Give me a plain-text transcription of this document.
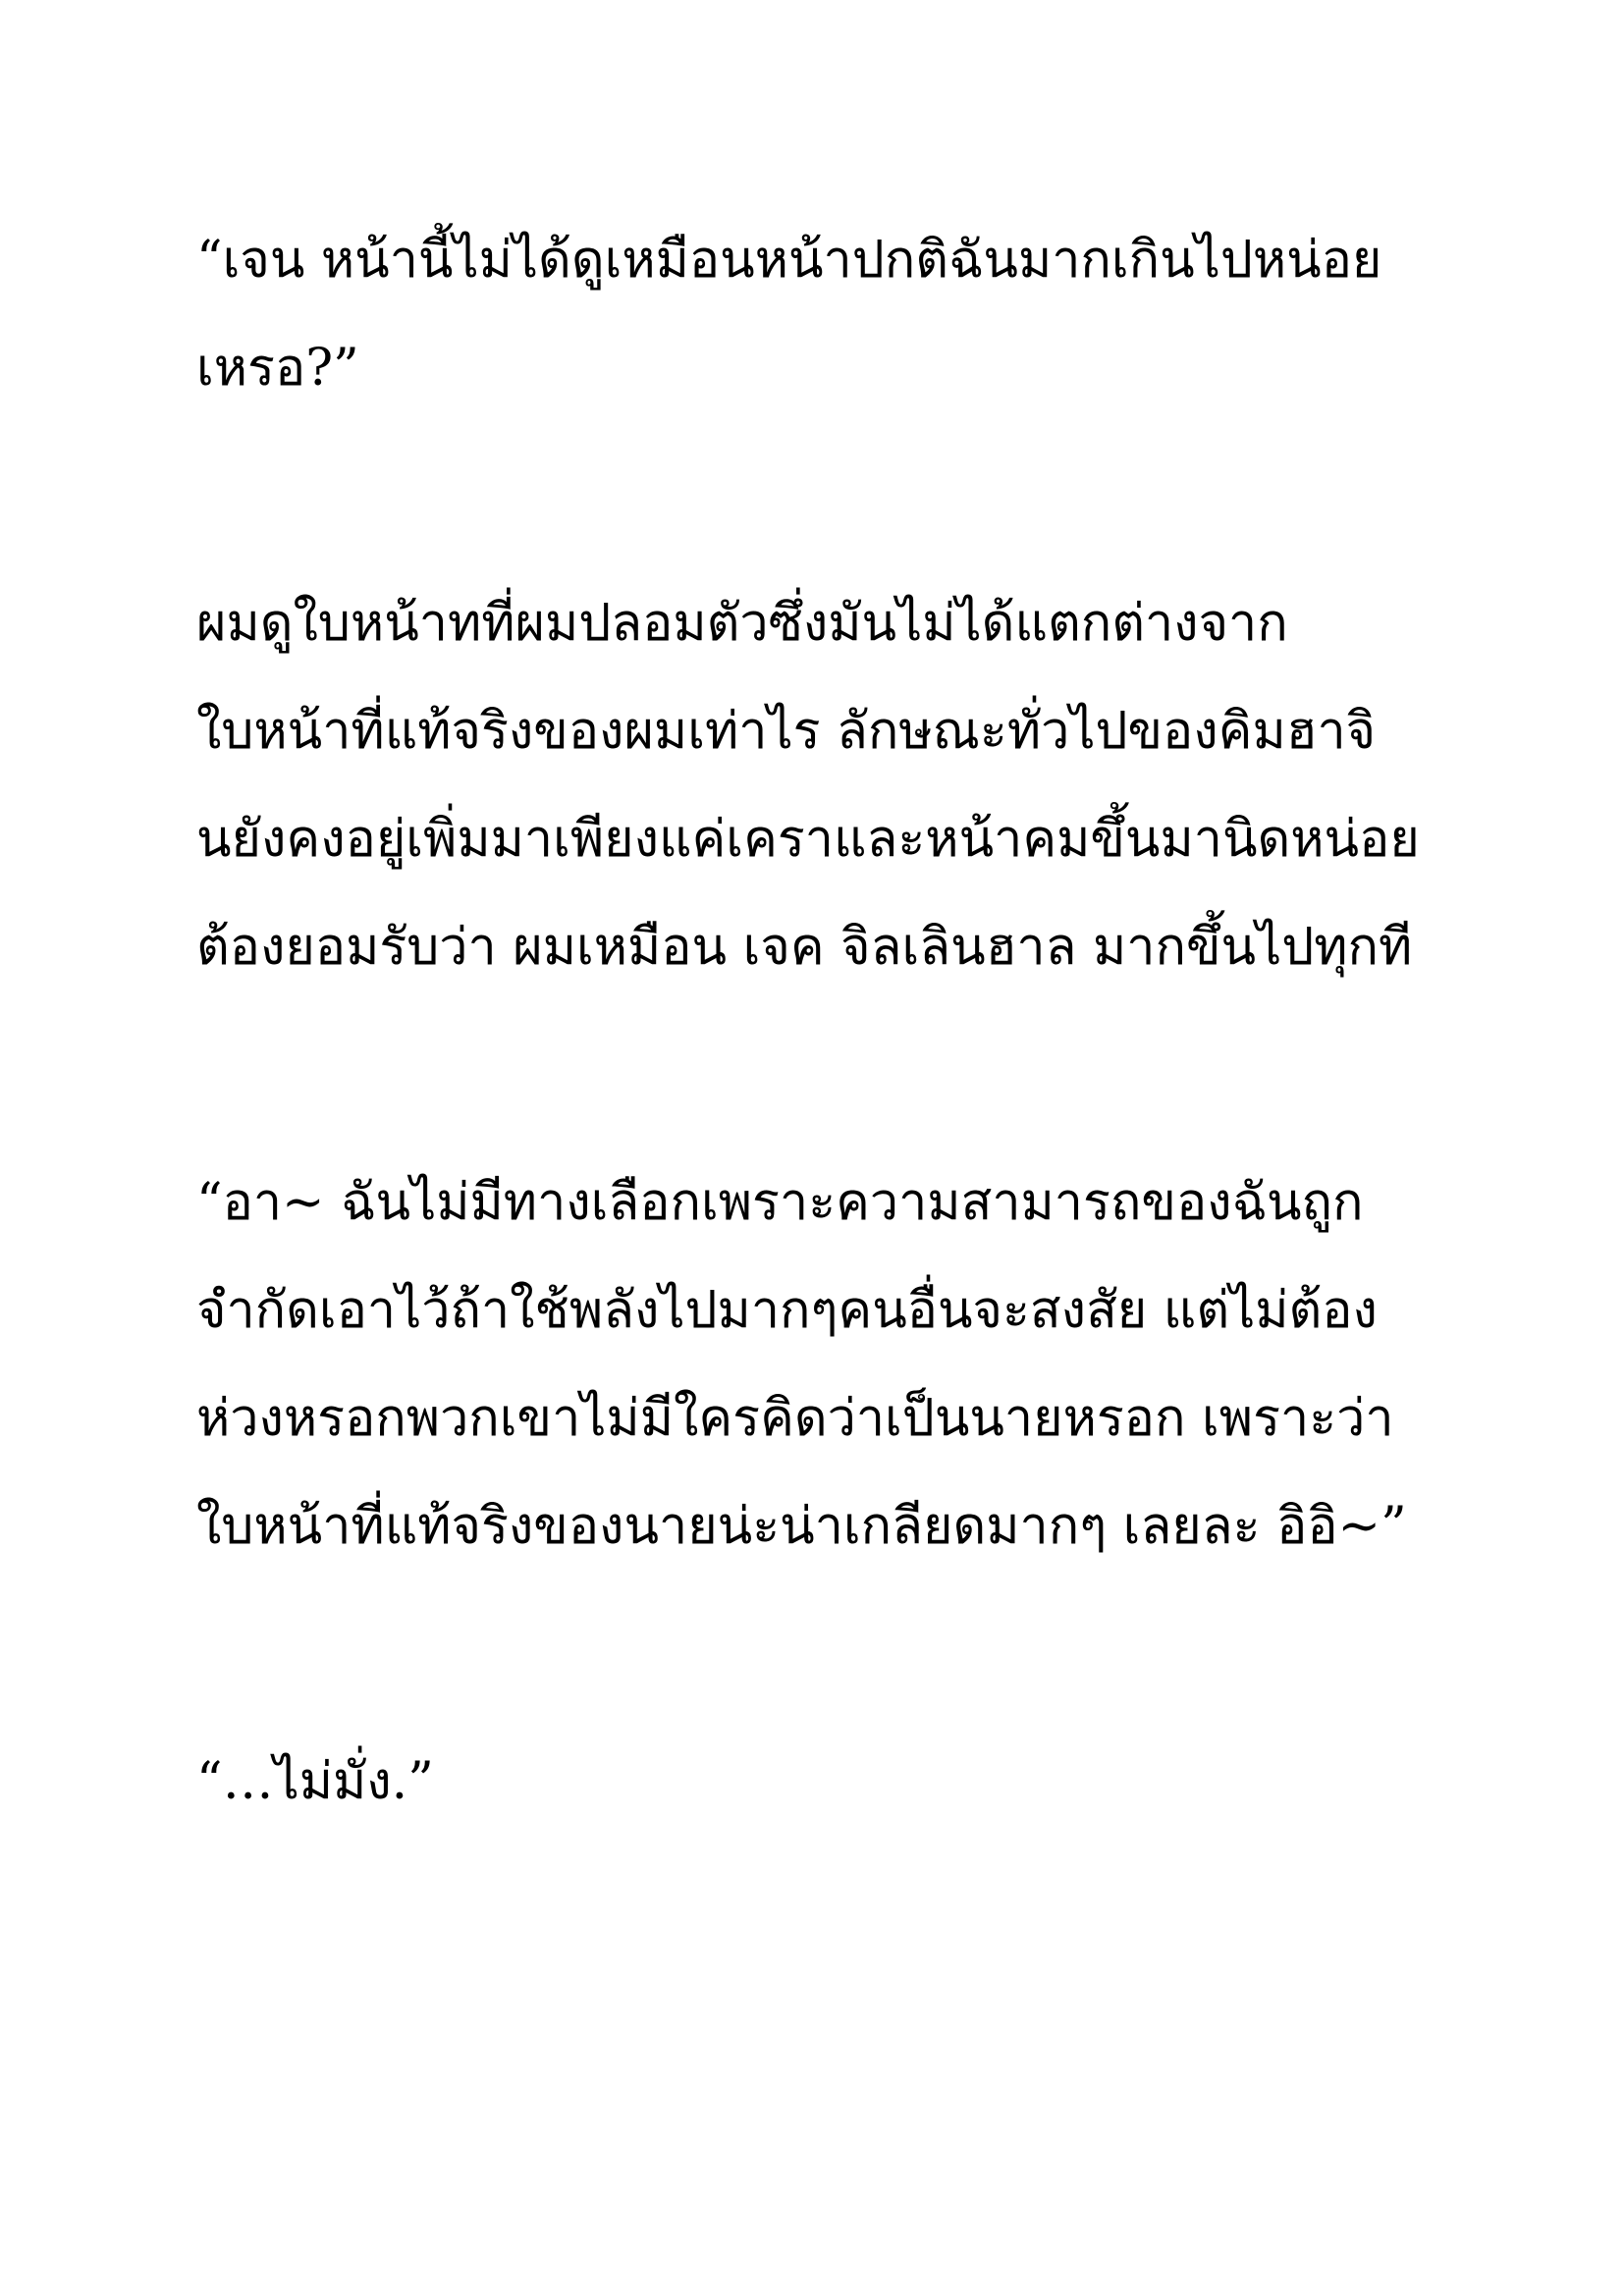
“เจน หน้านี้ไม่ได้ดูเหมือนหน้าปกติฉันมากเกินไปหน่อย
เหรอ?”
ผมดูใบหน้าทที่ผมปลอมตัวซึ่งมันไม่ได้แตกต่างจาก
ใบหน้าที่แท้จริงของผมเท่าไร ลักษณะทั่วไปของคิมฮาจิ
นยังคงอยู่เพิ่มมาเพียงแค่เคราและหน้าคมขึ้นมานิดหน่อย
ต้องยอมรับว่า ผมเหมือน เจค จิลเลินฮาล มากขึ้นไปทุกที
“อา~ ฉันไม่มีทางเลือกเพราะความสามารถของฉันถูก
จำกัดเอาไว้ถ้าใช้พลังไปมากๆคนอื่นจะสงสัย แต่ไม่ต้อง
ห่วงหรอกพวกเขาไม่มีใครคิดว่าเป็นนายหรอก เพราะว่า
ใบหน้าที่แท้จริงของนายน่ะน่าเกลียดมากๆ เลยละ อิอิ~”
“…ไม่มั่ง.”
